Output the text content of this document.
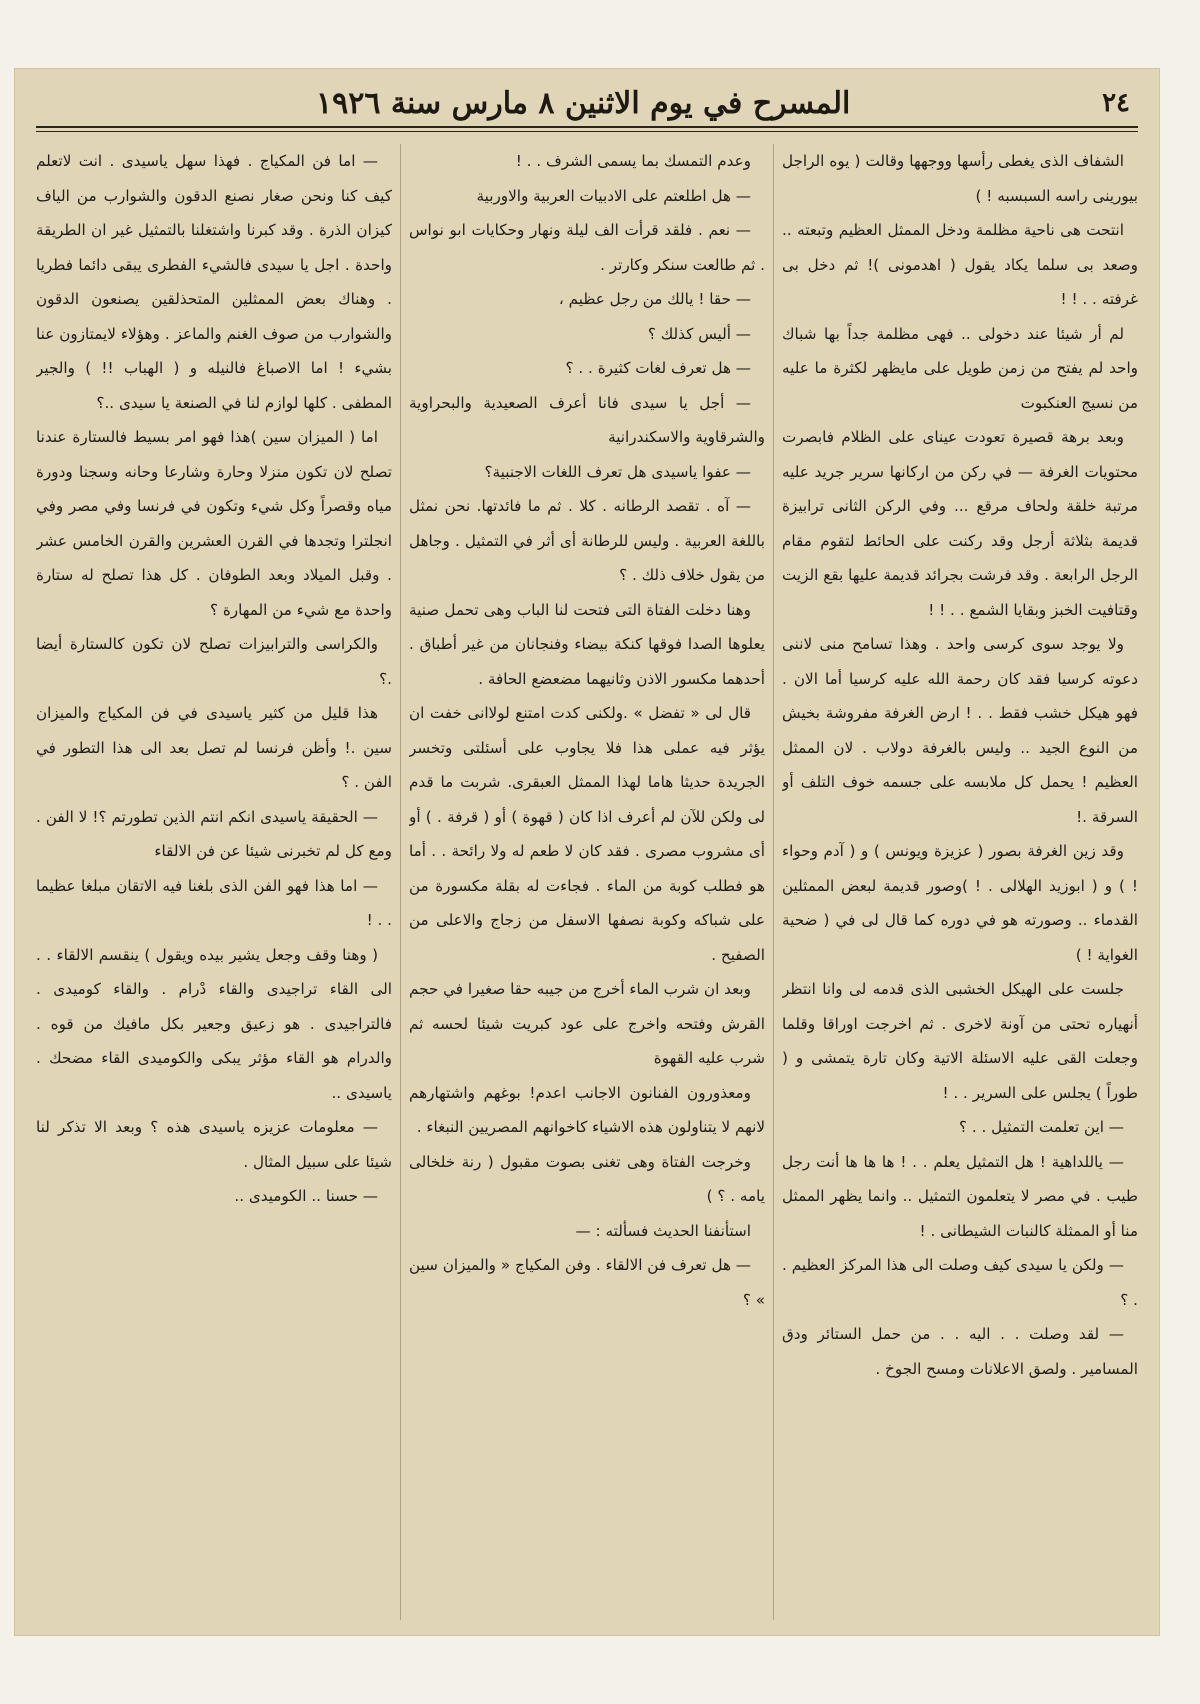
٢٤
المسرح في يوم الاثنين ٨ مارس سنة ١٩٢٦

الشفاف الذى يغطى رأسها ووجهها وقالت ( يوه الراجل بيورينى راسه السبسبه ! )

انتحت هى ناحية مظلمة ودخل الممثل العظيم وتبعته .. وصعد بى سلما يكاد يقول ( اهدمونى )! ثم دخل بى غرفته . . ! !

لم أر شيئا عند دخولى .. فهى مظلمة جداً بها شباك واحد لم يفتح من زمن طويل على مايظهر لكثرة ما عليه من نسيج العنكبوت

وبعد برهة قصيرة تعودت عيناى على الظلام فابصرت محتويات الغرفة — في ركن من اركانها سرير جريد عليه مرتبة خلقة ولحاف مرقع ... وفي الركن الثانى ترابيزة قديمة بثلاثة أرجل وقد ركنت على الحائط لتقوم مقام الرجل الرابعة . وقد فرشت بجرائد قديمة عليها بقع الزيت وقتافيت الخبز وبقايا الشمع . . ! !

ولا يوجد سوى كرسى واحد . وهذا تسامح منى لاننى دعوته كرسيا فقد كان رحمة الله عليه كرسيا أما الان . فهو هيكل خشب فقط . . ! ارض الغرفة مفروشة بخيش من النوع الجيد .. وليس بالغرفة دولاب . لان الممثل العظيم ! يحمل كل ملابسه على جسمه خوف التلف أو السرقة .!

وقد زين الغرفة بصور ( عزيزة ويونس ) و ( آدم وحواء ! ) و ( ابوزيد الهلالى . ! )وصور قديمة لبعض الممثلين القدماء .. وصورته هو في دوره كما قال لى في ( ضحية الغواية ! )

جلست على الهيكل الخشبى الذى قدمه لى وانا انتظر أنهياره تحتى من آونة لاخرى . ثم اخرجت اوراقا وقلما وجعلت القى عليه الاسئلة الاتية وكان تارة يتمشى و ( طوراً ) يجلس على السرير . . !

— اين تعلمت التمثيل . . ؟

— ياللداهية ! هل التمثيل يعلم . . ! ها ها ها أنت رجل طيب . في مصر لا يتعلمون التمثيل .. وانما يظهر الممثل منا أو الممثلة كالنبات الشيطانى . !

— ولكن يا سيدى كيف وصلت الى هذا المركز العظيم . . ؟

— لقد وصلت . . اليه . . من حمل الستائر ودق المسامير . ولصق الاعلانات ومسح الجوخ .

وعدم التمسك بما يسمى الشرف . . !

— هل اطلعتم على الادبيات العربية والاوربية

— نعم . فلقد قرأت الف ليلة ونهار وحكايات ابو نواس . ثم طالعت سنكر وكارتر .

— حقا ! يالك من رجل عظيم ،

— أليس كذلك ؟

— هل تعرف لغات كثيرة . . ؟

— أجل يا سيدى فانا أعرف الصعيدية والبحراوية والشرقاوية والاسكندرانية

— عفوا ياسيدى هل تعرف اللغات الاجنبية؟

— آه . تقصد الرطانه . كلا . ثم ما فائدتها. نحن نمثل باللغة العربية . وليس للرطانة أى أثر في التمثيل . وجاهل من يقول خلاف ذلك . ؟

وهنا دخلت الفتاة التى فتحت لنا الباب وهى تحمل صنية يعلوها الصدا فوقها كنكة بيضاء وفنجانان من غير أطباق . أحدهما مكسور الاذن وثانيهما مضعضع الحافة .

قال لى « تفضل » .ولكنى كدت امتنع لولاانى خفت ان يؤثر فيه عملى هذا فلا يجاوب على أسئلتى وتخسر الجريدة حديثا هاما لهذا الممثل العبقرى. شربت ما قدم لى ولكن للآن لم أعرف اذا كان ( قهوة ) أو ( قرفة . ) أو أى مشروب مصرى . فقد كان لا طعم له ولا رائحة . . أما هو فطلب كوبة من الماء . فجاءت له بقلة مكسورة من على شباكه وكوبة نصفها الاسفل من زجاج والاعلى من الصفيح .

وبعد ان شرب الماء أخرج من جيبه حقا صغيرا في حجم القرش وفتحه واخرج على عود كبريت شيئا لحسه ثم شرب عليه القهوة

ومعذورون الفنانون الاجانب اعدم! بوغهم واشتهارهم لانهم لا يتناولون هذه الاشياء كاخوانهم المصريين النبغاء .

وخرجت الفتاة وهى تغنى بصوت مقبول ( رنة خلخالى يامه . ؟ )

استأنفنا الحديث فسألته : —

— هل تعرف فن الالقاء . وفن المكياج « والميزان سين » ؟

— اما فن المكياج . فهذا سهل ياسيدى . انت لاتعلم كيف كنا ونحن صغار نصنع الدقون والشوارب من الياف كيزان الذرة . وقد كبرنا واشتغلنا بالتمثيل غير ان الطريقة واحدة . اجل يا سيدى فالشيء الفطرى يبقى دائما فطريا . وهناك بعض الممثلين المتحذلقين يصنعون الدقون والشوارب من صوف الغنم والماعز . وهؤلاء لايمتازون عنا بشيء ! اما الاصباغ فالنيله و ( الهباب !! ) والجير المطفى . كلها لوازم لنا في الصنعة يا سيدى ..؟

اما ( الميزان سين )هذا فهو امر بسيط فالستارة عندنا تصلح لان تكون منزلا وحارة وشارعا وحانه وسجنا ودورة مياه وقصراً وكل شيء وتكون في فرنسا وفي مصر وفي انجلترا وتجدها في القرن العشرين والقرن الخامس عشر . وقبل الميلاد وبعد الطوفان . كل هذا تصلح له ستارة واحدة مع شيء من المهارة ؟

والكراسى والترابيزات تصلح لان تكون كالستارة أيضا .؟

هذا قليل من كثير ياسيدى في فن المكياج والميزان سين .! وأظن فرنسا لم تصل بعد الى هذا التطور في الفن . ؟

— الحقيقة ياسيدى انكم انتم الذين تطورتم ؟! لا الفن . ومع كل لم تخبرنى شيئا عن فن الالقاء

— اما هذا فهو الفن الذى بلغنا فيه الاتقان مبلغا عظيما . . !

( وهنا وقف وجعل يشير بيده ويقول ) ينقسم الالقاء . . الى القاء تراجيدى والقاء دْرام . والقاء كوميدى . فالتراجيدى . هو زعيق وجعير بكل مافيك من قوه . والدرام هو القاء مؤثر يبكى والكوميدى القاء مضحك . ياسيدى ..

— معلومات عزيزه ياسيدى هذه ؟ وبعد الا تذكر لنا شيئا على سبيل المثال .

— حسنا .. الكوميدى ..
